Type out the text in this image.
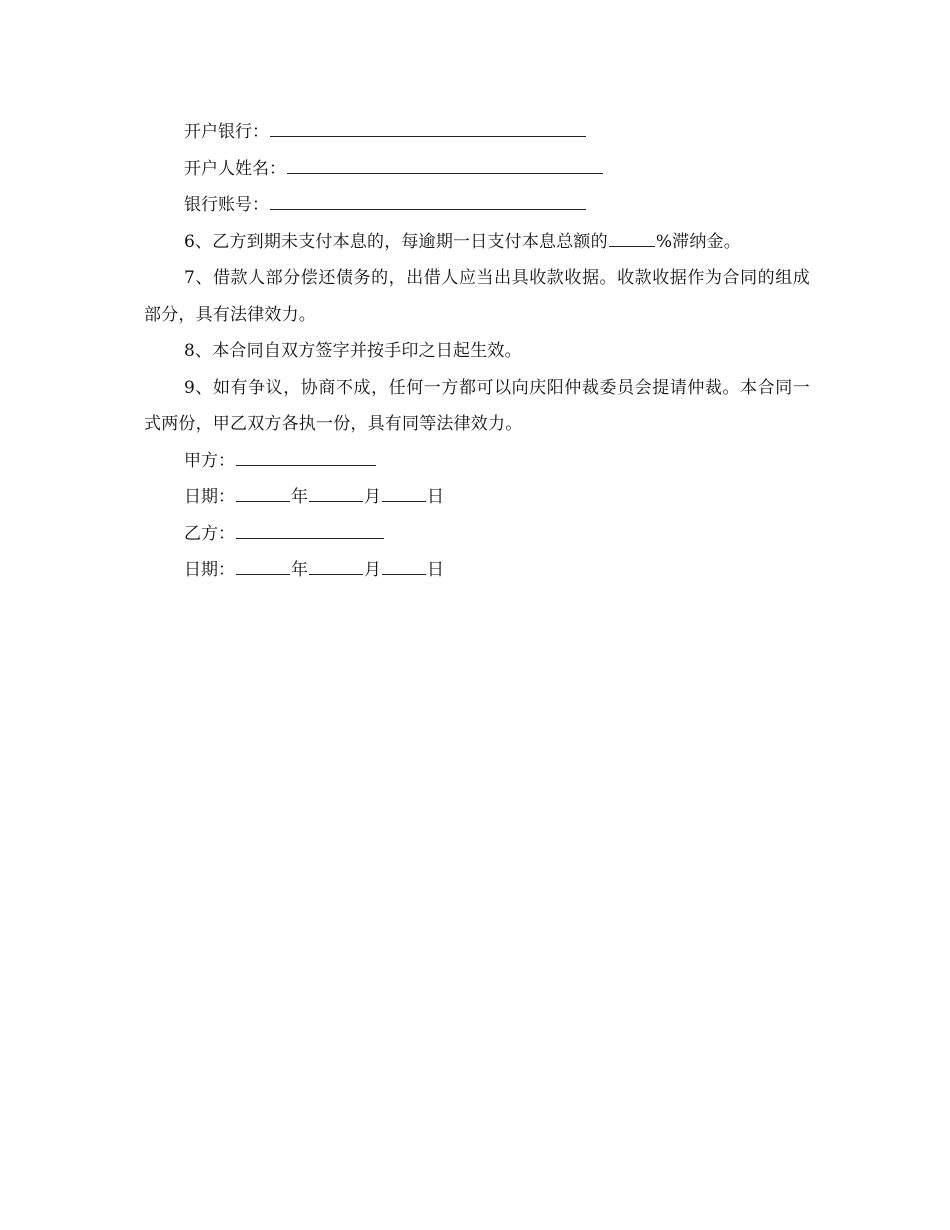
开户银行：
开户人姓名：
银行账号：
6、乙方到期未支付本息的，每逾期一日支付本息总额的	%滞纳金。
7、借款人部分偿还债务的，出借人应当出具收款收据。收款收据作为合同的组成部分，具有法律效力。
8、本合同自双方签字并按手印之日起生效。
9、如有争议，协商不成，任何一方都可以向庆阳仲裁委员会提请仲裁。本合同一式两份，甲乙双方各执一份，具有同等法律效力。
甲方：
日期：	年	月	日
乙方：
日期：	年	月	日
